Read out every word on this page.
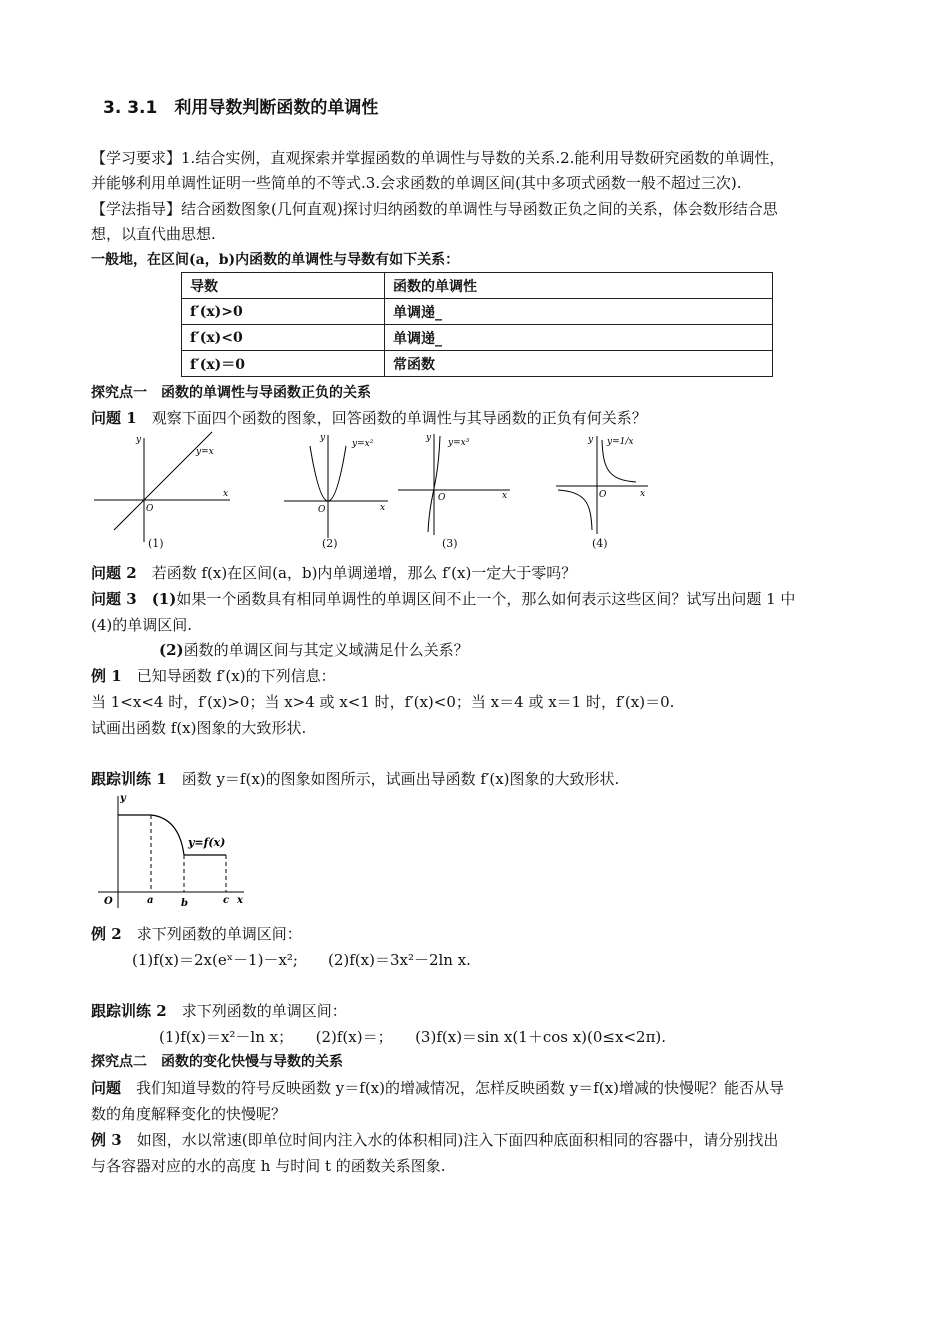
3. 3.1　利用导数判断函数的单调性
【学习要求】1.结合实例，直观探索并掌握函数的单调性与导数的关系.2.能利用导数研究函数的单调性，
并能够利用单调性证明一些简单的不等式.3.会求函数的单调区间(其中多项式函数一般不超过三次).
【学法指导】结合函数图象(几何直观)探讨归纳函数的单调性与导函数正负之间的关系，体会数形结合思
想，以直代曲思想.
一般地，在区间(a，b)内函数的单调性与导数有如下关系：
导数	函数的单调性
f′(x)>0	单调递_
f′(x)<0	单调递_
f′(x)＝0	常函数
探究点一　函数的单调性与导函数正负的关系
问题 1　 观察下面四个函数的图象，回答函数的单调性与其导函数的正负有何关系？
y=x
x
y
O
(1)
y=x²
x
y
O
(2)
y=x³
x
y
O
(3)
y=1/x
x
y
O
(4)
问题 2　 若函数 f(x)在区间(a，b)内单调递增，那么 f′(x)一定大于零吗？
问题 3　 (1)如果一个函数具有相同单调性的单调区间不止一个，那么如何表示这些区间？试写出问题 1 中
(4)的单调区间.
(2)函数的单调区间与其定义域满足什么关系？
例 1　 已知导函数 f′(x)的下列信息：
当 1<x<4 时，f′(x)>0；当 x>4 或 x<1 时，f′(x)<0；当 x＝4 或 x＝1 时，f′(x)＝0.
试画出函数 f(x)图象的大致形状.
跟踪训练 1　 函数 y＝f(x)的图象如图所示，试画出导函数 f′(x)图象的大致形状.
y=f(x)
y
O	a	b	c x
例 2　 求下列函数的单调区间：
(1)f(x)＝2x(eˣ－1)－x²;　　(2)f(x)＝3x²－2ln x.
跟踪训练 2　 求下列函数的单调区间：
(1)f(x)＝x²－ln x；　　(2)f(x)＝；　　(3)f(x)＝sin x(1＋cos x)(0≤x<2π).
探究点二　函数的变化快慢与导数的关系
问题　 我们知道导数的符号反映函数 y＝f(x)的增减情况，怎样反映函数 y＝f(x)增减的快慢呢？能否从导
数的角度解释变化的快慢呢？
例 3　 如图，水以常速(即单位时间内注入水的体积相同)注入下面四种底面积相同的容器中，请分别找出
与各容器对应的水的高度 h 与时间 t 的函数关系图象.
